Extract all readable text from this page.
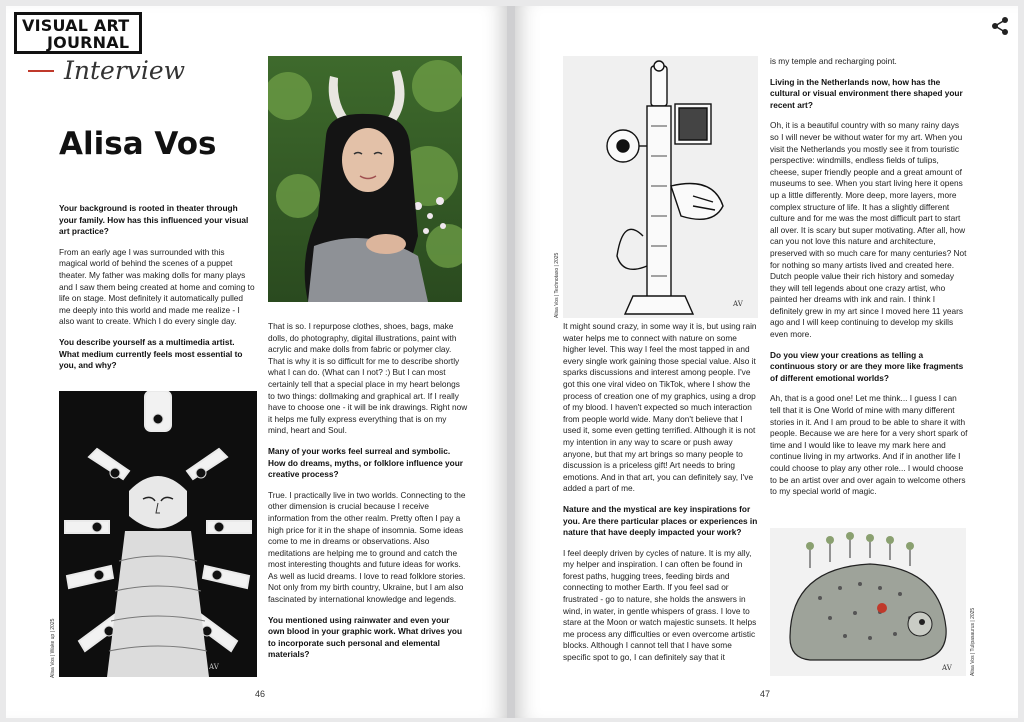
VISUAL ART
JOURNAL
Interview
Alisa Vos

Your background is rooted in theater through your family. How has this influenced your visual art practice?

From an early age I was surrounded with this magical world of behind the scenes of a puppet theater. My father was making dolls for many plays and I saw them being created at home and coming to life on stage. Most definitely it automatically pulled me deeply into this world and made me realize - I also want to create. Which I do every single day.

You describe yourself as a multimedia artist. What medium currently feels most essential to you, and why?

AV
Alisa Vos | Wake up | 2025

That is so. I repurpose clothes, shoes, bags, make dolls, do photography, digital illustrations, paint with acrylic and make dolls from fabric or polymer clay. That is why it is so difficult for me to describe shortly what I can do. (What can I not? :) But I can most certainly tell that a special place in my heart belongs to two things: dollmaking and graphical art. If I really have to choose one - it will be ink drawings. Right now it helps me fully express everything that is on my mind, heart and Soul.

Many of your works feel surreal and symbolic. How do dreams, myths, or folklore influence your creative process?

True. I practically live in two worlds. Connecting to the other dimension is crucial because I receive information from the other realm. Pretty often I pay a high price for it in the shape of insomnia. Some ideas come to me in dreams or observations. Also meditations are helping me to ground and catch the most interesting thoughts and future ideas for works. As well as lucid dreams. I love to read folklore stories. Not only from my birth country, Ukraine, but I am also fascinated by international knowledge and legends.

You mentioned using rainwater and even your own blood in your graphic work. What drives you to incorporate such personal and elemental materials?

46
AV
Alisa Vos | Technotaxo | 2025

It might sound crazy, in some way it is, but using rain water helps me to connect with nature on some higher level. This way I feel the most tapped in and every single work gaining those special value. Also it sparks discussions and interest among people. I've got this one viral video on TikTok, where I show the process of creation one of my graphics, using a drop of my blood. I haven't expected so much interaction from people world wide. Many don't believe that I used it, some even getting terrified. Although it is not my intention in any way to scare or push away anyone, but that my art brings so many people to discussion is a priceless gift! Art needs to bring emotions. And in that art, you can definitely say, I've added a part of me.

Nature and the mystical are key inspirations for you. Are there particular places or experiences in nature that have deeply impacted your work?

I feel deeply driven by cycles of nature. It is my ally, my helper and inspiration. I can often be found in forest paths, hugging trees, feeding birds and connecting to mother Earth. If you feel sad or frustrated - go to nature, she holds the answers in wind, in water, in gentle whispers of grass. I love to stare at the Moon or watch majestic sunsets. It helps me process any difficulties or even overcome artistic blocks. Although I cannot tell that I have some specific spot to go, I can definitely say that it

is my temple and recharging point.

Living in the Netherlands now, how has the cultural or visual environment there shaped your recent art?

Oh, it is a beautiful country with so many rainy days so I will never be without water for my art. When you visit the Netherlands you mostly see it from touristic perspective: windmills, endless fields of tulips, cheese, super friendly people and a great amount of museums to see. When you start living here it opens up a little differently. More deep, more layers, more complex structure of life. It has a slightly different culture and for me was the most difficult part to start all over. It is scary but super motivating. After all, how can you not love this nature and architecture, preserved with so much care for many centuries? Not for nothing so many artists lived and created here. Dutch people value their rich history and someday they will tell legends about one crazy artist, who painted her dreams with ink and rain. I think I definitely grew in my art since I moved here 11 years ago and I will keep continuing to develop my skills even more.

Do you view your creations as telling a continuous story or are they more like fragments of different emotional worlds?

Ah, that is a good one! Let me think... I guess I can tell that it is One World of mine with many different stories in it. And I am proud to be able to share it with people. Because we are here for a very short spark of time and I would like to leave my mark here and continue living in my artworks. And if in another life I could choose to play any other role... I would choose to be an artist over and over again to welcome others to my special world of magic.

AV	Alisa Vos | Tulipasaurus | 2025
47
